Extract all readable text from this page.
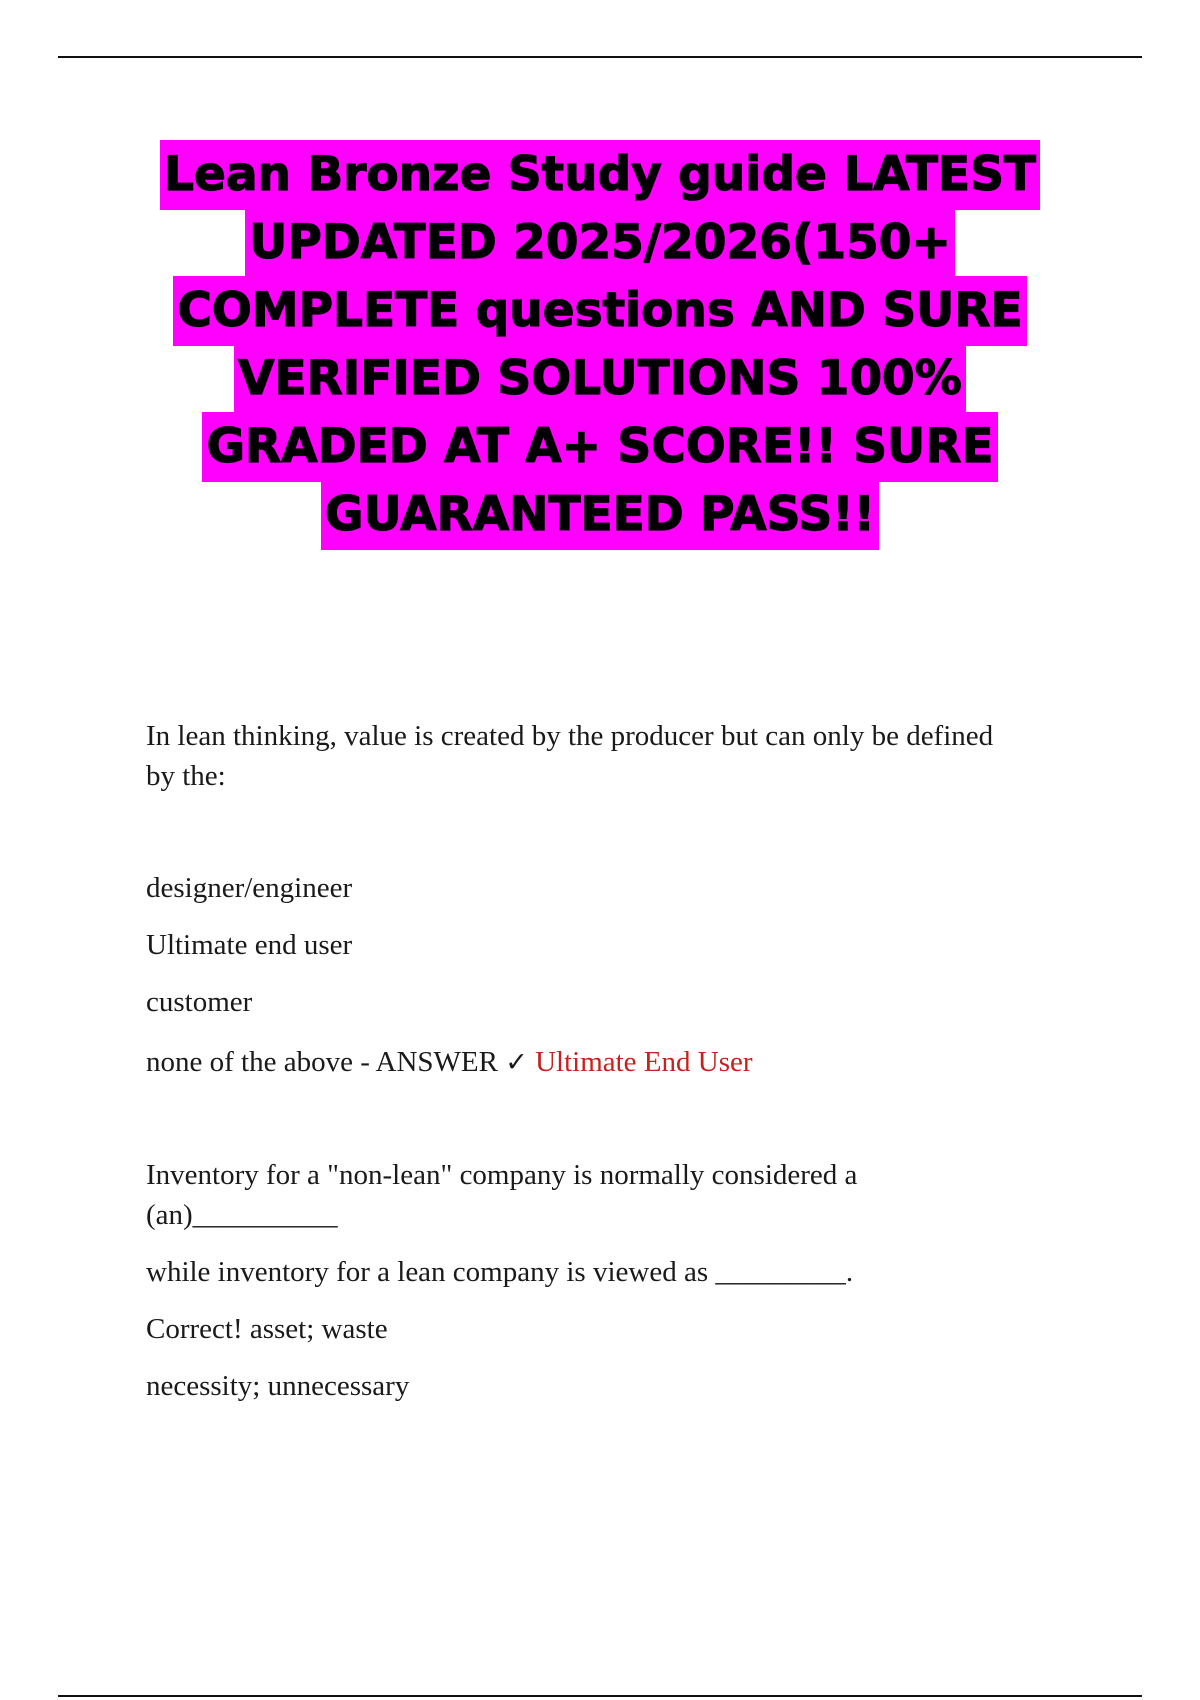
Lean Bronze Study guide LATEST
UPDATED 2025/2026(150+
COMPLETE questions AND SURE
VERIFIED SOLUTIONS 100%
GRADED AT A+ SCORE!! SURE
GUARANTEED PASS!!
In lean thinking, value is created by the producer but can only be defined
by the:
designer/engineer
Ultimate end user
customer
none of the above - ANSWER ✓ Ultimate End User
Inventory for a "non-lean" company is normally considered a
(an)__________
while inventory for a lean company is viewed as _________.
Correct! asset; waste
necessity; unnecessary
